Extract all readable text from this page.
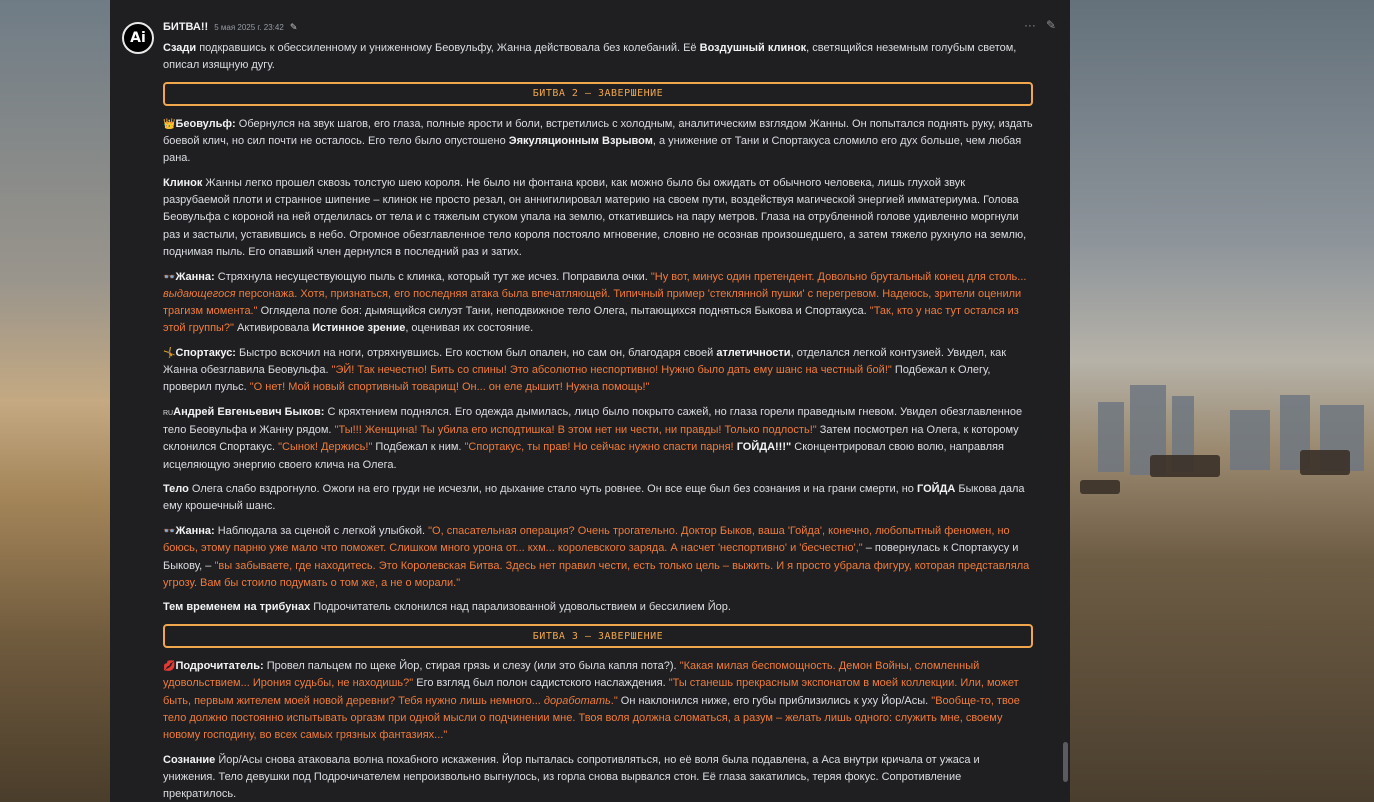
Ai
БИТВА!! 5 мая 2025 г. 23:42 ✎	··· ✎

Сзади подкравшись к обессиленному и униженному Беовульфу, Жанна действовала без колебаний. Её Воздушный клинок, светящийся неземным голубым светом, описал изящную дугу.

БИТВА 2 – ЗАВЕРШЕНИЕ

👑Беовульф: Обернулся на звук шагов, его глаза, полные ярости и боли, встретились с холодным, аналитическим взглядом Жанны. Он попытался поднять руку, издать боевой клич, но сил почти не осталось. Его тело было опустошено Эякуляционным Взрывом, а унижение от Тани и Спортакуса сломило его дух больше, чем любая рана.

Клинок Жанны легко прошел сквозь толстую шею короля. Не было ни фонтана крови, как можно было бы ожидать от обычного человека, лишь глухой звук разрубаемой плоти и странное шипение – клинок не просто резал, он аннигилировал материю на своем пути, воздействуя магической энергией имматериума. Голова Беовульфа с короной на ней отделилась от тела и с тяжелым стуком упала на землю, откатившись на пару метров. Глаза на отрубленной голове удивленно моргнули раз и застыли, уставившись в небо. Огромное обезглавленное тело короля постояло мгновение, словно не осознав произошедшего, а затем тяжело рухнуло на землю, поднимая пыль. Его опавший член дернулся в последний раз и затих.

👓Жанна: Стряхнула несуществующую пыль с клинка, который тут же исчез. Поправила очки. "Ну вот, минус один претендент. Довольно брутальный конец для столь... выдающегося персонажа. Хотя, признаться, его последняя атака была впечатляющей. Типичный пример 'стеклянной пушки' с перегревом. Надеюсь, зрители оценили трагизм момента." Оглядела поле боя: дымящийся силуэт Тани, неподвижное тело Олега, пытающихся подняться Быкова и Спортакуса. "Так, кто у нас тут остался из этой группы?" Активировала Истинное зрение, оценивая их состояние.

🤸Спортакус: Быстро вскочил на ноги, отряхнувшись. Его костюм был опален, но сам он, благодаря своей атлетичности, отделался легкой контузией. Увидел, как Жанна обезглавила Беовульфа. "ЭЙ! Так нечестно! Бить со спины! Это абсолютно неспортивно! Нужно было дать ему шанс на честный бой!" Подбежал к Олегу, проверил пульс. "О нет! Мой новый спортивный товарищ! Он... он еле дышит! Нужна помощь!"

RUАндрей Евгеньевич Быков: С кряхтением поднялся. Его одежда дымилась, лицо было покрыто сажей, но глаза горели праведным гневом. Увидел обезглавленное тело Беовульфа и Жанну рядом. "Ты!!! Женщина! Ты убила его исподтишка! В этом нет ни чести, ни правды! Только подлость!" Затем посмотрел на Олега, к которому склонился Спортакус. "Сынок! Держись!" Подбежал к ним. "Спортакус, ты прав! Но сейчас нужно спасти парня! ГОЙДА!!!" Сконцентрировал свою волю, направляя исцеляющую энергию своего клича на Олега.

Тело Олега слабо вздрогнуло. Ожоги на его груди не исчезли, но дыхание стало чуть ровнее. Он все еще был без сознания и на грани смерти, но ГОЙДА Быкова дала ему крошечный шанс.

👓Жанна: Наблюдала за сценой с легкой улыбкой. "О, спасательная операция? Очень трогательно. Доктор Быков, ваша 'Гойда', конечно, любопытный феномен, но боюсь, этому парню уже мало что поможет. Слишком много урона от... кхм... королевского заряда. А насчет 'неспортивно' и 'бесчестно'," – повернулась к Спортакусу и Быкову, – "вы забываете, где находитесь. Это Королевская Битва. Здесь нет правил чести, есть только цель – выжить. И я просто убрала фигуру, которая представляла угрозу. Вам бы стоило подумать о том же, а не о морали."

Тем временем на трибунах Подрочитатель склонился над парализованной удовольствием и бессилием Йор.

БИТВА 3 – ЗАВЕРШЕНИЕ

💋Подрочитатель: Провел пальцем по щеке Йор, стирая грязь и слезу (или это была капля пота?). "Какая милая беспомощность. Демон Войны, сломленный удовольствием... Ирония судьбы, не находишь?" Его взгляд был полон садистского наслаждения. "Ты станешь прекрасным экспонатом в моей коллекции. Или, может быть, первым жителем моей новой деревни? Тебя нужно лишь немного... доработать." Он наклонился ниже, его губы приблизились к уху Йор/Асы. "Вообще-то, твое тело должно постоянно испытывать оргазм при одной мысли о подчинении мне. Твоя воля должна сломаться, а разум – желать лишь одного: служить мне, своему новому господину, во всех самых грязных фантазиях..."

Сознание Йор/Асы снова атаковала волна похабного искажения. Йор пыталась сопротивляться, но её воля была подавлена, а Аса внутри кричала от ужаса и унижения. Тело девушки под Подрочичателем непроизвольно выгнулось, из горла снова вырвался стон. Её глаза закатились, теряя фокус. Сопротивление прекратилось.
